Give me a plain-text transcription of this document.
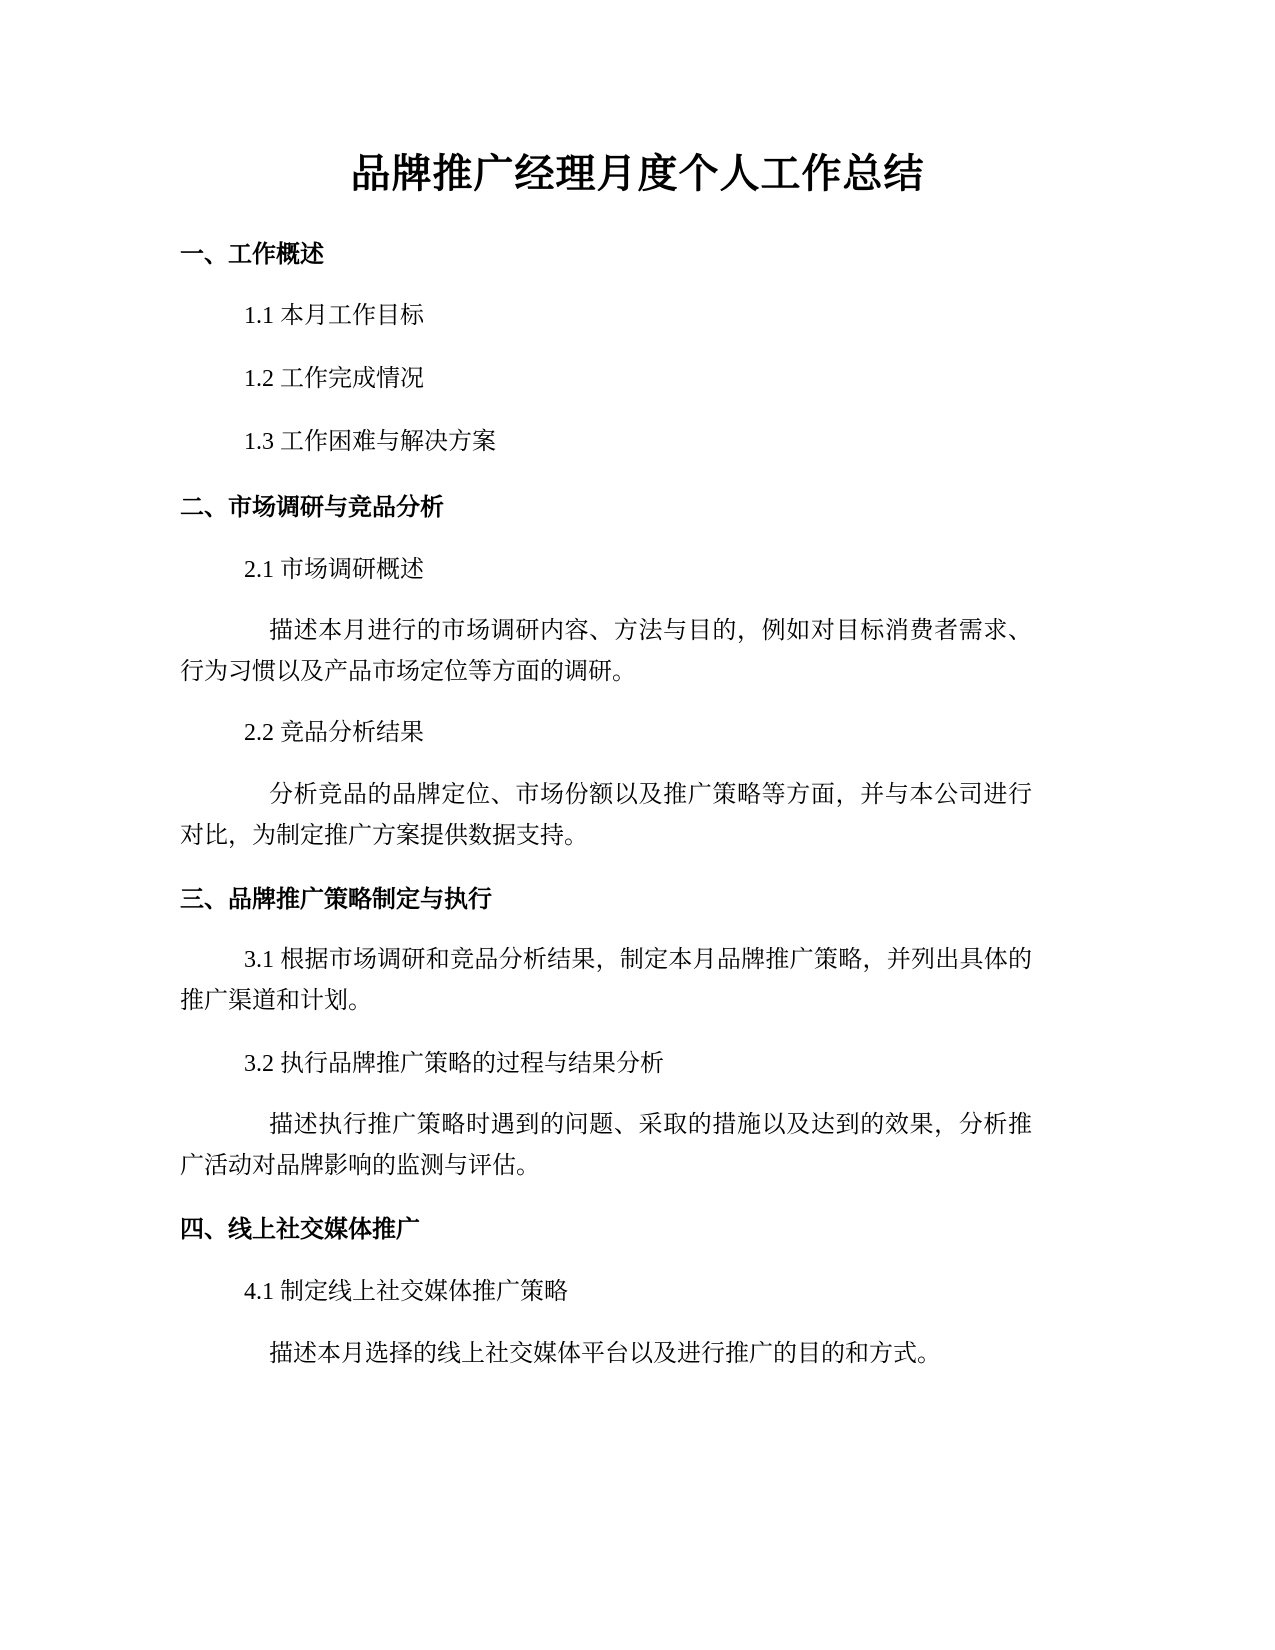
品牌推广经理月度个人工作总结
一、工作概述
1.1 本月工作目标
1.2 工作完成情况
1.3 工作困难与解决方案
二、市场调研与竞品分析
2.1 市场调研概述
描述本月进行的市场调研内容、方法与目的，例如对目标消费者需求、行为习惯以及产品市场定位等方面的调研。
2.2 竞品分析结果
分析竞品的品牌定位、市场份额以及推广策略等方面，并与本公司进行对比，为制定推广方案提供数据支持。
三、品牌推广策略制定与执行
3.1 根据市场调研和竞品分析结果，制定本月品牌推广策略，并列出具体的推广渠道和计划。
3.2 执行品牌推广策略的过程与结果分析
描述执行推广策略时遇到的问题、采取的措施以及达到的效果，分析推广活动对品牌影响的监测与评估。
四、线上社交媒体推广
4.1 制定线上社交媒体推广策略
描述本月选择的线上社交媒体平台以及进行推广的目的和方式。
